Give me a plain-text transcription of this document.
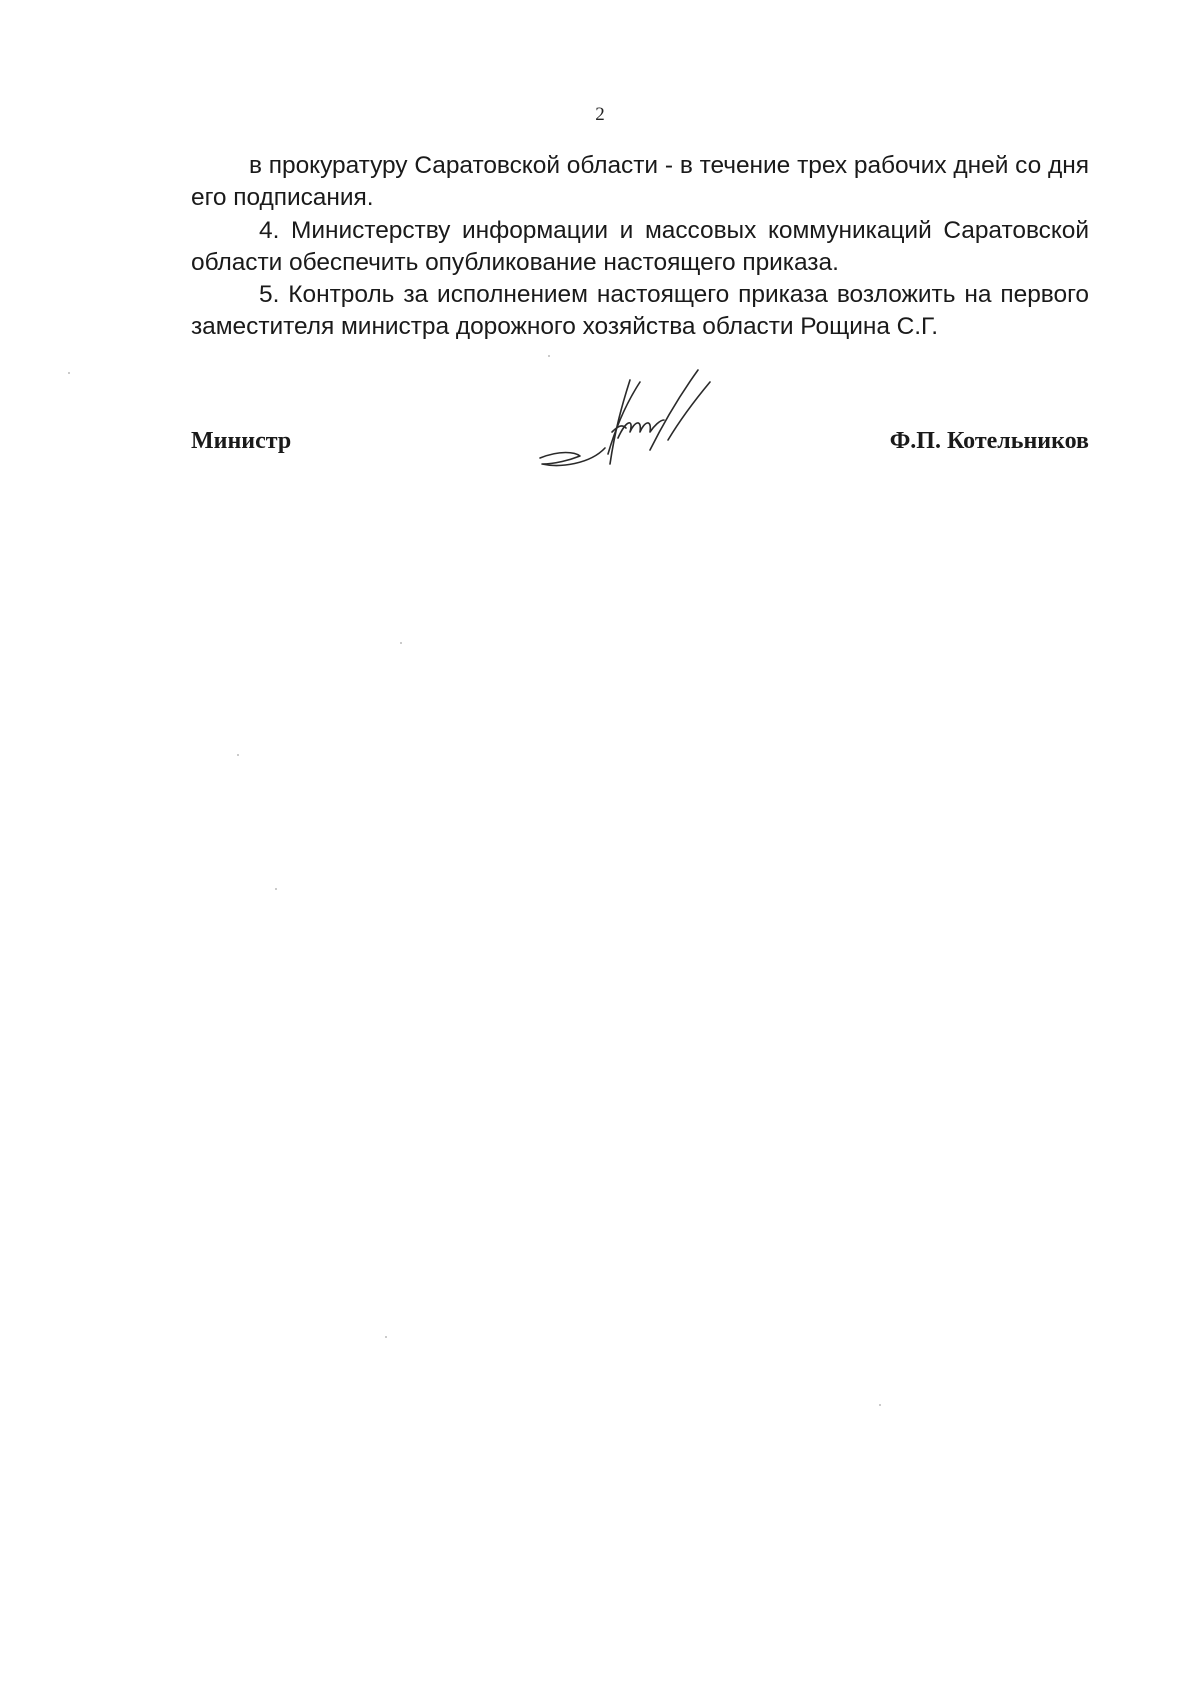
2

в прокуратуру Саратовской области - в течение трех рабочих дней со дня его подписания.

4. Министерству информации и массовых коммуникаций Саратовской области обеспечить опубликование настоящего приказа.

5. Контроль за исполнением настоящего приказа возложить на первого заместителя министра дорожного хозяйства области Рощина С.Г.

Министр	Ф.П. Котельников
